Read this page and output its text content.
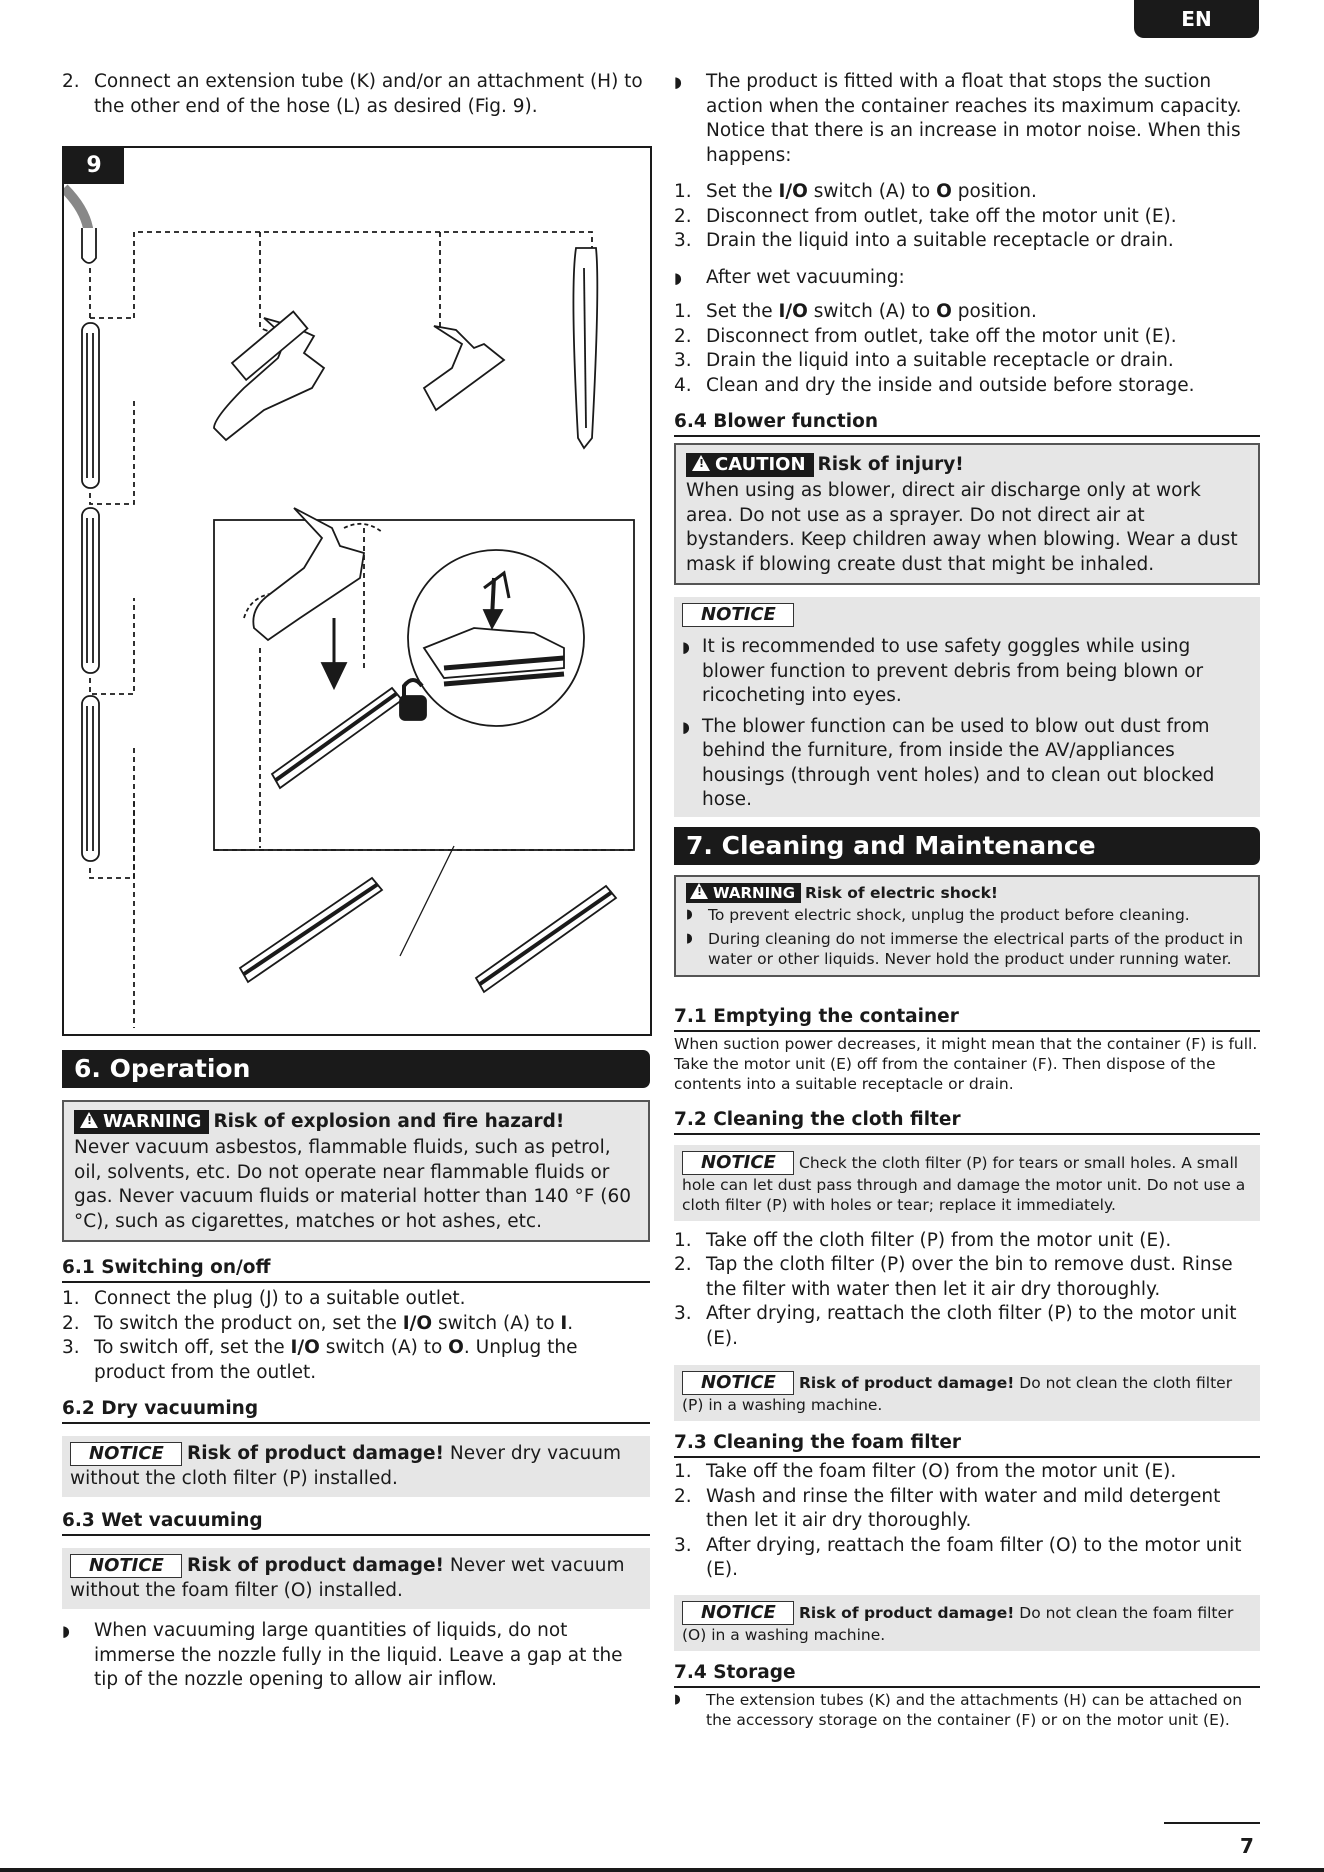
EN
2. Connect an extension tube (K) and/or an attachment (H) to the other end of the hose (L) as desired (Fig. 9).
9
6. Operation
!WARNING Risk of explosion and fire hazard!

Never vacuum asbestos, flammable fluids, such as petrol, oil, solvents, etc. Do not operate near flammable fluids or gas. Never vacuum fluids or material hotter than 140 °F (60 °C), such as cigarettes, matches or hot ashes, etc.

6.1 Switching on/off
1. Connect the plug (J) to a suitable outlet.
2. To switch the product on, set the I/O switch (A) to I.
3. To switch off, set the I/O switch (A) to O. Unplug the product from the outlet.
6.2 Dry vacuuming

NOTICE Risk of product damage! Never dry vacuum without the cloth filter (P) installed.

6.3 Wet vacuuming

NOTICE Risk of product damage! Never wet vacuum without the foam filter (O) installed.

◗	When vacuuming large quantities of liquids, do not immerse the nozzle fully in the liquid. Leave a gap at the tip of the nozzle opening to allow air inflow.
◗	The product is fitted with a float that stops the suction action when the container reaches its maximum capacity. Notice that there is an increase in motor noise. When this happens:
1. Set the I/O switch (A) to O position.
2. Disconnect from outlet, take off the motor unit (E).
3. Drain the liquid into a suitable receptacle or drain.
◗	After wet vacuuming:
1. Set the I/O switch (A) to O position.
2. Disconnect from outlet, take off the motor unit (E).
3. Drain the liquid into a suitable receptacle or drain.
4. Clean and dry the inside and outside before storage.
6.4 Blower function
!CAUTION Risk of injury!

When using as blower, direct air discharge only at work area. Do not use as a sprayer. Do not direct air at bystanders. Keep children away when blowing. Wear a dust mask if blowing create dust that might be inhaled.

NOTICE
◗ It is recommended to use safety goggles while using blower function to prevent debris from being blown or ricocheting into eyes.
◗ The blower function can be used to blow out dust from behind the furniture, from inside the AV/appliances housings (through vent holes) and to clean out blocked hose.
7. Cleaning and Maintenance
!WARNING Risk of electric shock!
◗ To prevent electric shock, unplug the product before cleaning.
◗ During cleaning do not immerse the electrical parts of the product in water or other liquids. Never hold the product under running water.
7.1 Emptying the container

When suction power decreases, it might mean that the container (F) is full. Take the motor unit (E) off from the container (F). Then dispose of the contents into a suitable receptacle or drain.

7.2 Cleaning the cloth filter

NOTICE Check the cloth filter (P) for tears or small holes. A small hole can let dust pass through and damage the motor unit. Do not use a cloth filter (P) with holes or tear; replace it immediately.

1. Take off the cloth filter (P) from the motor unit (E).
2. Tap the cloth filter (P) over the bin to remove dust. Rinse the filter with water then let it air dry thoroughly.
3. After drying, reattach the cloth filter (P) to the motor unit (E).

NOTICE Risk of product damage! Do not clean the cloth filter (P) in a washing machine.

7.3 Cleaning the foam filter
1. Take off the foam filter (O) from the motor unit (E).
2. Wash and rinse the filter with water and mild detergent then let it air dry thoroughly.
3. After drying, reattach the foam filter (O) to the motor unit (E).

NOTICE Risk of product damage! Do not clean the foam filter (O) in a washing machine.

7.4 Storage
◗	The extension tubes (K) and the attachments (H) can be attached on the accessory storage on the container (F) or on the motor unit (E).
7
